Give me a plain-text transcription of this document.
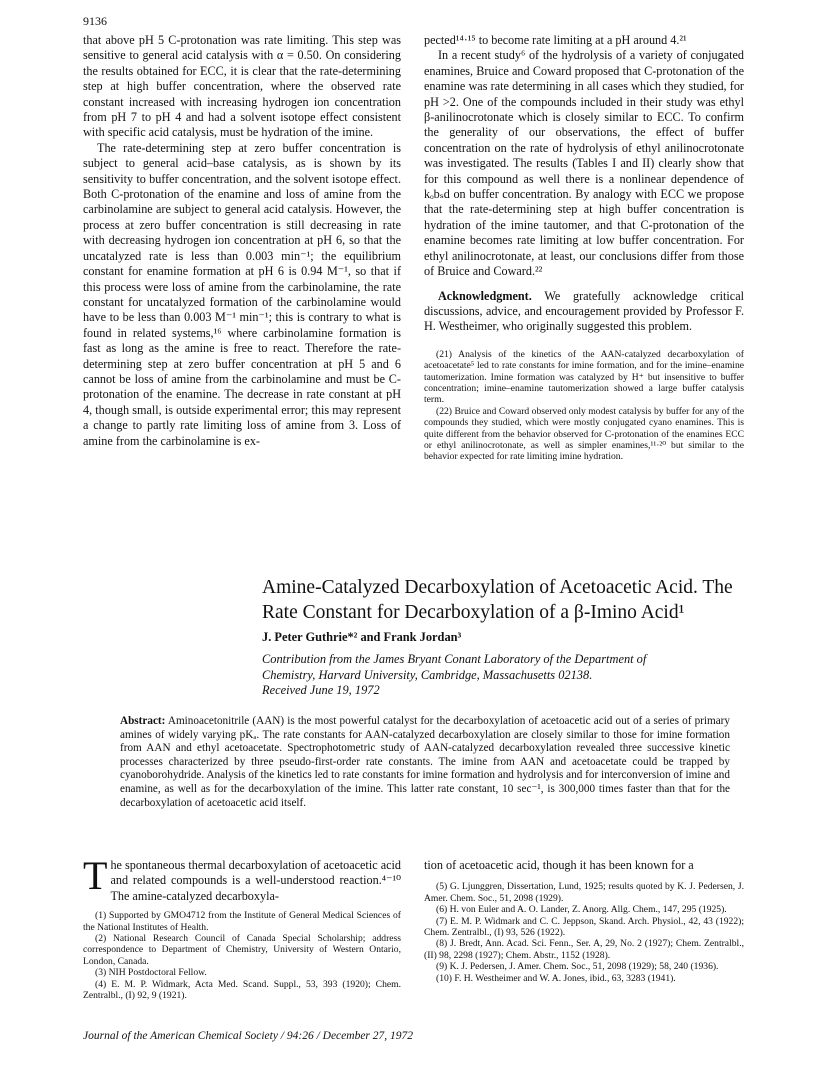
9136

that above pH 5 C-protonation was rate limiting. This step was sensitive to general acid catalysis with α = 0.50. On considering the results obtained for ECC, it is clear that the rate-determining step at high buffer concentration, where the observed rate constant increased with increasing hydrogen ion concentration from pH 7 to pH 4 and had a solvent isotope effect consistent with specific acid catalysis, must be hydration of the imine.

The rate-determining step at zero buffer concentration is subject to general acid–base catalysis, as is shown by its sensitivity to buffer concentration, and the solvent isotope effect. Both C-protonation of the enamine and loss of amine from the carbinolamine are subject to general acid catalysis. However, the process at zero buffer concentration is still decreasing in rate with decreasing hydrogen ion concentration at pH 6, so that the uncatalyzed rate is less than 0.003 min⁻¹; the equilibrium constant for enamine formation at pH 6 is 0.94 M⁻¹, so that if this process were loss of amine from the carbinolamine, the rate constant for uncatalyzed formation of the carbinolamine would have to be less than 0.003 M⁻¹ min⁻¹; this is contrary to what is found in related systems,¹⁶ where carbinolamine formation is fast as long as the amine is free to react. Therefore the rate-determining step at zero buffer concentration at pH 5 and 6 cannot be loss of amine from the carbinolamine and must be C-protonation of the enamine. The decrease in rate constant at pH 4, though small, is outside experimental error; this may represent a change to partly rate limiting loss of amine from 3. Loss of amine from the carbinolamine is ex-

pected¹⁴·¹⁵ to become rate limiting at a pH around 4.²¹

In a recent study⁶ of the hydrolysis of a variety of conjugated enamines, Bruice and Coward proposed that C-protonation of the enamine was rate determining in all cases which they studied, for pH >2. One of the compounds included in their study was ethyl β-anilinocrotonate which is closely similar to ECC. To confirm the generality of our observations, the effect of buffer concentration on the rate of hydrolysis of ethyl anilinocrotonate was investigated. The results (Tables I and II) clearly show that for this compound as well there is a nonlinear dependence of kₒbₛd on buffer concentration. By analogy with ECC we propose that the rate-determining step at high buffer concentration is hydration of the imine tautomer, and that C-protonation of the enamine becomes rate limiting at low buffer concentration. For ethyl anilinocrotonate, at least, our conclusions differ from those of Bruice and Coward.²²

Acknowledgment. We gratefully acknowledge critical discussions, advice, and encouragement provided by Professor F. H. Westheimer, who originally suggested this problem.

(21) Analysis of the kinetics of the AAN-catalyzed decarboxylation of acetoacetate⁵ led to rate constants for imine formation, and for the imine–enamine tautomerization. Imine formation was catalyzed by H⁺ but insensitive to buffer concentration; imine–enamine tautomerization showed a large buffer catalysis term.

(22) Bruice and Coward observed only modest catalysis by buffer for any of the compounds they studied, which were mostly conjugated cyano enamines. This is quite different from the behavior observed for C-protonation of the enamines ECC or ethyl anilinocrotonate, as well as simpler enamines,¹¹·²⁰ but similar to the behavior expected for rate limiting imine hydration.

Amine-Catalyzed Decarboxylation of Acetoacetic Acid. The
Rate Constant for Decarboxylation of a β-Imino Acid¹
J. Peter Guthrie*² and Frank Jordan³
Contribution from the James Bryant Conant Laboratory of the Department of
Chemistry, Harvard University, Cambridge, Massachusetts 02138.
Received June 19, 1972
Abstract: Aminoacetonitrile (AAN) is the most powerful catalyst for the decarboxylation of acetoacetic acid out of a series of primary amines of widely varying pKₐ. The rate constants for AAN-catalyzed decarboxylation are closely similar to those for imine formation from AAN and ethyl acetoacetate. Spectrophotometric study of AAN-catalyzed decarboxylation revealed three successive kinetic processes characterized by three pseudo-first-order rate constants. The imine from AAN and acetoacetate could be trapped by cyanoborohydride. Analysis of the kinetics led to rate constants for imine formation and hydrolysis and for interconversion of imine and enamine, as well as for the decarboxylation of the imine. This latter rate constant, 10 sec⁻¹, is 300,000 times faster than that for the decarboxylation of acetoacetic acid itself.

The spontaneous thermal decarboxylation of acetoacetic acid and related compounds is a well-understood reaction.⁴⁻¹⁰ The amine-catalyzed decarboxyla-

(1) Supported by GMO4712 from the Institute of General Medical Sciences of the National Institutes of Health.

(2) National Research Council of Canada Special Scholarship; address correspondence to Department of Chemistry, University of Western Ontario, London, Canada.

(3) NIH Postdoctoral Fellow.

(4) E. M. P. Widmark, Acta Med. Scand. Suppl., 53, 393 (1920); Chem. Zentralbl., (I) 92, 9 (1921).

tion of acetoacetic acid, though it has been known for a

(5) G. Ljunggren, Dissertation, Lund, 1925; results quoted by K. J. Pedersen, J. Amer. Chem. Soc., 51, 2098 (1929).

(6) H. von Euler and A. O. Lander, Z. Anorg. Allg. Chem., 147, 295 (1925).

(7) E. M. P. Widmark and C. C. Jeppson, Skand. Arch. Physiol., 42, 43 (1922); Chem. Zentralbl., (I) 93, 526 (1922).

(8) J. Bredt, Ann. Acad. Sci. Fenn., Ser. A, 29, No. 2 (1927); Chem. Zentralbl., (II) 98, 2298 (1927); Chem. Abstr., 1152 (1928).

(9) K. J. Pedersen, J. Amer. Chem. Soc., 51, 2098 (1929); 58, 240 (1936).

(10) F. H. Westheimer and W. A. Jones, ibid., 63, 3283 (1941).

Journal of the American Chemical Society / 94:26 / December 27, 1972
